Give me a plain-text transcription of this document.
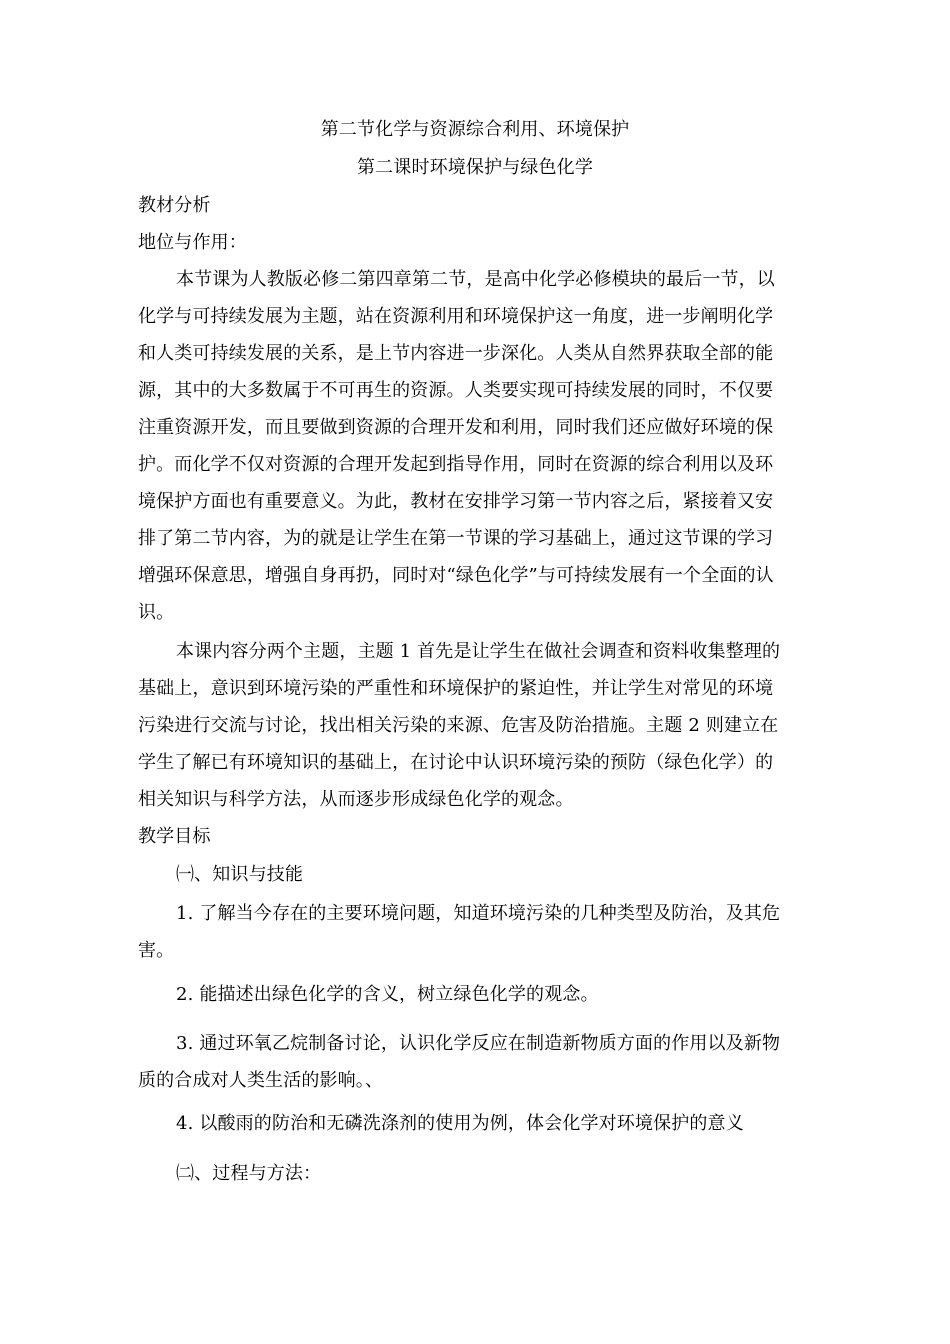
第二节化学与资源综合利用、环境保护
第二课时环境保护与绿色化学
教材分析
地位与作用：
本节课为人教版必修二第四章第二节，是高中化学必修模块的最后一节，以
化学与可持续发展为主题，站在资源利用和环境保护这一角度，进一步阐明化学
和人类可持续发展的关系，是上节内容进一步深化。人类从自然界获取全部的能
源，其中的大多数属于不可再生的资源。人类要实现可持续发展的同时，不仅要
注重资源开发，而且要做到资源的合理开发和利用，同时我们还应做好环境的保
护。而化学不仅对资源的合理开发起到指导作用，同时在资源的综合利用以及环
境保护方面也有重要意义。为此，教材在安排学习第一节内容之后，紧接着又安
排了第二节内容，为的就是让学生在第一节课的学习基础上，通过这节课的学习
增强环保意思，增强自身再扔，同时对“绿色化学”与可持续发展有一个全面的认
识。
本课内容分两个主题，主题 1 首先是让学生在做社会调查和资料收集整理的
基础上，意识到环境污染的严重性和环境保护的紧迫性，并让学生对常见的环境
污染进行交流与讨论，找出相关污染的来源、危害及防治措施。主题 2 则建立在
学生了解已有环境知识的基础上，在讨论中认识环境污染的预防（绿色化学）的
相关知识与科学方法，从而逐步形成绿色化学的观念。
教学目标
㈠、知识与技能
1. 了解当今存在的主要环境问题，知道环境污染的几种类型及防治，及其危
害。
2. 能描述出绿色化学的含义，树立绿色化学的观念。
3. 通过环氧乙烷制备讨论，认识化学反应在制造新物质方面的作用以及新物
质的合成对人类生活的影响。、
4. 以酸雨的防治和无磷洗涤剂的使用为例，体会化学对环境保护的意义
㈡、过程与方法：
